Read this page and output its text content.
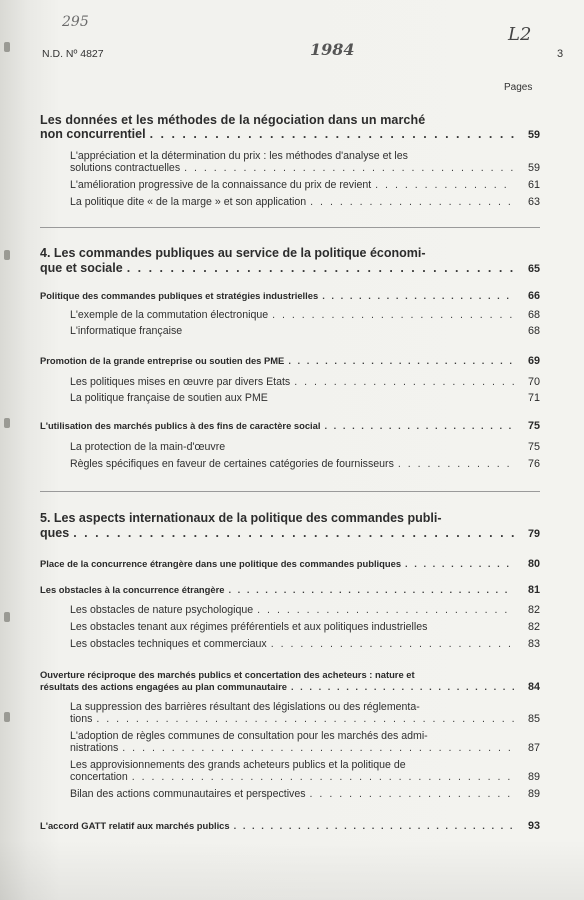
295
1984
L2
N.D. Nº 4827	3
Pages
Les données et les méthodes de la négociation dans un marché
non concurrentiel . . .	59
L'appréciation et la détermination du prix : les méthodes d'analyse et les
solutions contractuelles . . .	59
L'amélioration progressive de la connaissance du prix de revient . . .	61
La politique dite « de la marge » et son application . . .	63
4. Les commandes publiques au service de la politique économi-
que et sociale . . .	65
Politique des commandes publiques et stratégies industrielles . . .	66
L'exemple de la commutation électronique . . .	68
L'informatique française	68
Promotion de la grande entreprise ou soutien des PME . . .	69
Les politiques mises en œuvre par divers Etats . . .	70
La politique française de soutien aux PME	71
L'utilisation des marchés publics à des fins de caractère social . . .	75
La protection de la main-d'œuvre	75
Règles spécifiques en faveur de certaines catégories de fournisseurs . . .	76
5. Les aspects internationaux de la politique des commandes publi-
ques . . .	79
Place de la concurrence étrangère dans une politique des commandes publiques . . .	80
Les obstacles à la concurrence étrangère . . .	81
Les obstacles de nature psychologique . . .	82
Les obstacles tenant aux régimes préférentiels et aux politiques industrielles	82
Les obstacles techniques et commerciaux . . .	83
Ouverture réciproque des marchés publics et concertation des acheteurs : nature et
résultats des actions engagées au plan communautaire . . .	84
La suppression des barrières résultant des législations ou des réglementa-
tions . . .	85
L'adoption de règles communes de consultation pour les marchés des admi-
nistrations . . .	87
Les approvisionnements des grands acheteurs publics et la politique de
concertation . . .	89
Bilan des actions communautaires et perspectives . . .	89
L'accord GATT relatif aux marchés publics . . .	93
